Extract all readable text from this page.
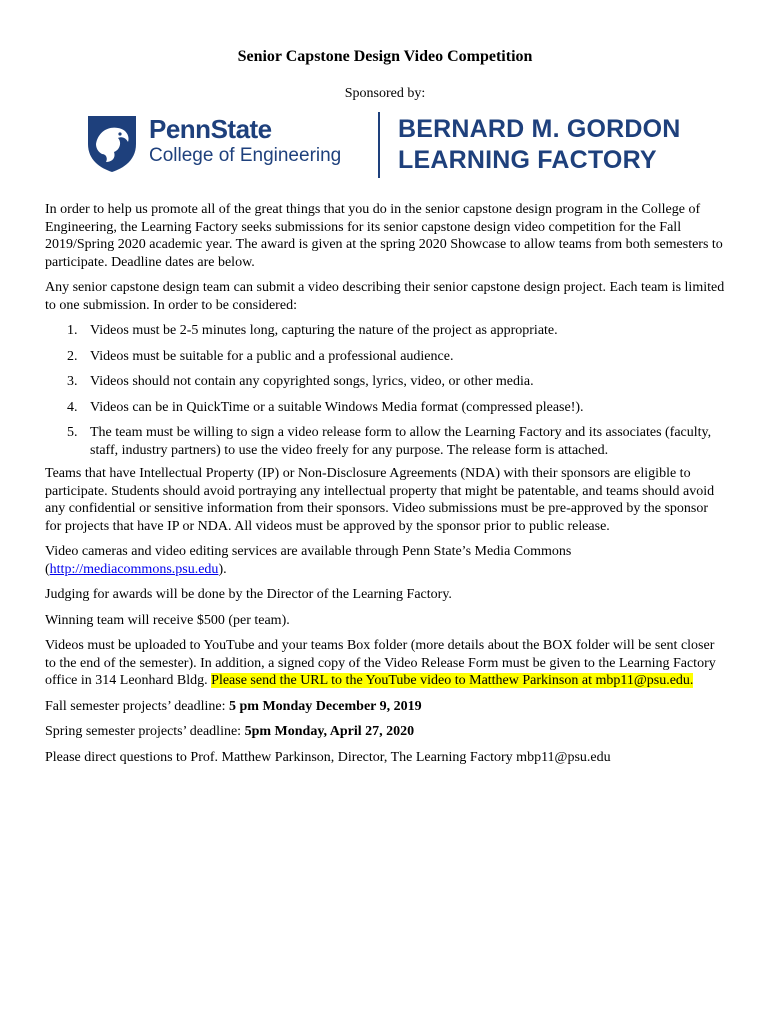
Senior Capstone Design Video Competition
Sponsored by:
PennState
College of Engineering
BERNARD M. GORDON
LEARNING FACTORY

In order to help us promote all of the great things that you do in the senior capstone design program in the College of Engineering, the Learning Factory seeks submissions for its senior capstone design video competition for the Fall 2019/Spring 2020 academic year. The award is given at the spring 2020 Showcase to allow teams from both semesters to participate. Deadline dates are below.

Any senior capstone design team can submit a video describing their senior capstone design project. Each team is limited to one submission. In order to be considered:

1. Videos must be 2-5 minutes long, capturing the nature of the project as appropriate.
2. Videos must be suitable for a public and a professional audience.
3. Videos should not contain any copyrighted songs, lyrics, video, or other media.
4. Videos can be in QuickTime or a suitable Windows Media format (compressed please!).
5. The team must be willing to sign a video release form to allow the Learning Factory and its associates (faculty, staff, industry partners) to use the video freely for any purpose. The release form is attached.

Teams that have Intellectual Property (IP) or Non-Disclosure Agreements (NDA) with their sponsors are eligible to participate. Students should avoid portraying any intellectual property that might be patentable, and teams should avoid any confidential or sensitive information from their sponsors. Video submissions must be pre-approved by the sponsor for projects that have IP or NDA. All videos must be approved by the sponsor prior to public release.

Video cameras and video editing services are available through Penn State’s Media Commons (http://mediacommons.psu.edu).

Judging for awards will be done by the Director of the Learning Factory.

Winning team will receive $500 (per team).

Videos must be uploaded to YouTube and your teams Box folder (more details about the BOX folder will be sent closer to the end of the semester). In addition, a signed copy of the Video Release Form must be given to the Learning Factory office in 314 Leonhard Bldg. Please send the URL to the YouTube video to Matthew Parkinson at mbp11@psu.edu.

Fall semester projects’ deadline: 5 pm Monday December 9, 2019

Spring semester projects’ deadline: 5pm Monday, April 27, 2020

Please direct questions to Prof. Matthew Parkinson, Director, The Learning Factory mbp11@psu.edu
